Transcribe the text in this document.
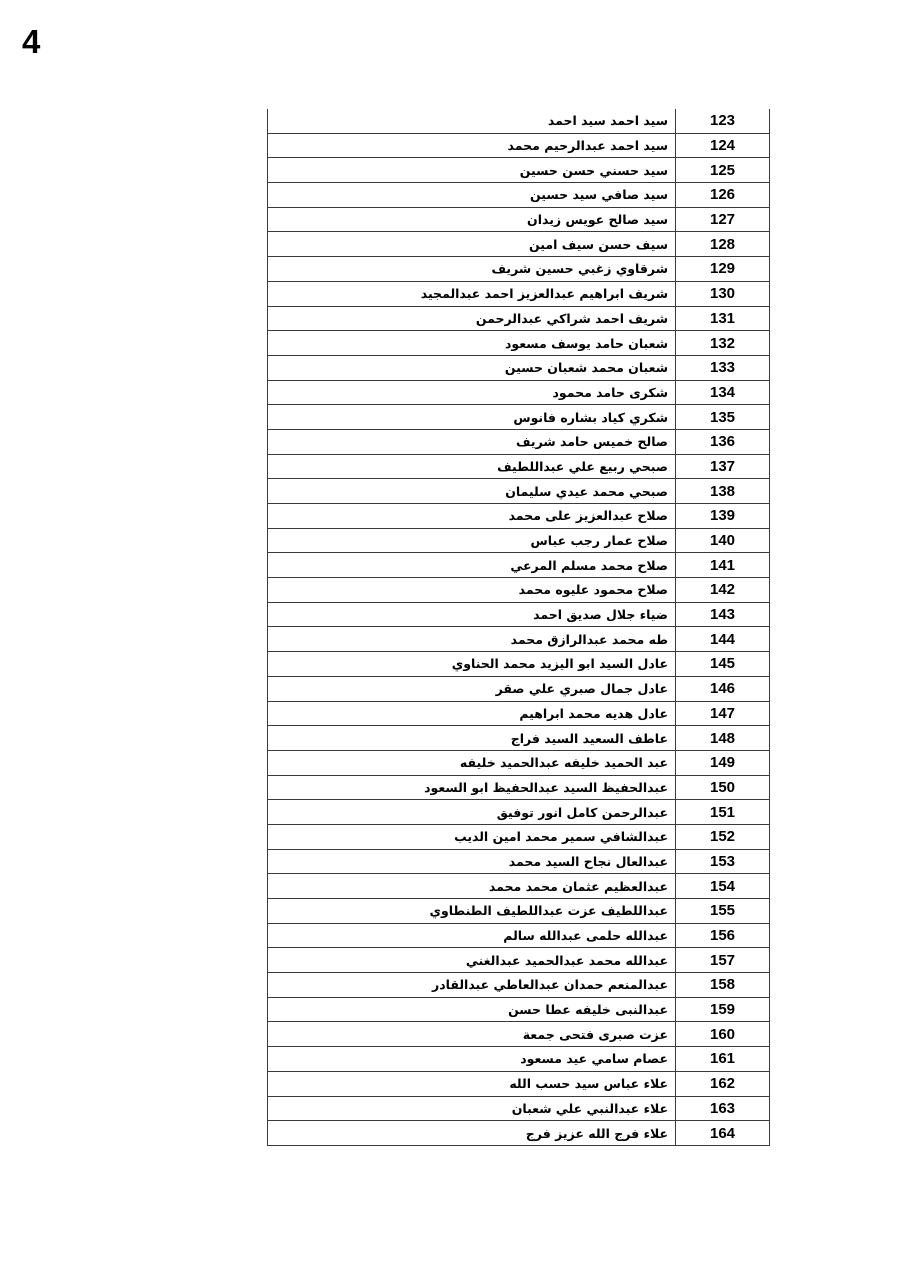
4
123	سيد احمد سيد احمد
124	سيد احمد عبدالرحيم محمد
125	سيد حسني حسن حسين
126	سيد صافي سيد حسين
127	سيد صالح عويس زيدان
128	سيف حسن سيف امين
129	شرقاوي زغبي حسين شريف
130	شريف ابراهيم عبدالعزيز احمد عبدالمجيد
131	شريف احمد شراكي عبدالرحمن
132	شعبان حامد يوسف مسعود
133	شعبان محمد شعبان حسين
134	شكرى حامد محمود
135	شكري كياد بشاره فانوس
136	صالح خميس حامد شريف
137	صبحي ربيع علي عبداللطيف
138	صبحي محمد عيدي سليمان
139	صلاح عبدالعزيز على محمد
140	صلاح عمار رجب عباس
141	صلاح محمد مسلم المرعي
142	صلاح محمود عليوه محمد
143	ضياء جلال صديق احمد
144	طه محمد عبدالرازق محمد
145	عادل السيد ابو اليزيد محمد الحناوي
146	عادل جمال صبري علي صقر
147	عادل هديه محمد ابراهيم
148	عاطف السعيد السيد فراج
149	عبد الحميد خليفه عبدالحميد خليفه
150	عبدالحفيظ السيد عبدالحفيظ ابو السعود
151	عبدالرحمن كامل انور توفيق
152	عبدالشافي سمير محمد امين الديب
153	عبدالعال نجاح السيد محمد
154	عبدالعظيم عثمان محمد محمد
155	عبداللطيف عزت عبداللطيف الطنطاوي
156	عبدالله حلمى عبدالله سالم
157	عبدالله محمد عبدالحميد عبدالغني
158	عبدالمنعم حمدان عبدالعاطي عبدالقادر
159	عبدالنبى خليفه عطا حسن
160	عزت صبرى فتحى جمعة
161	عصام سامي عيد مسعود
162	علاء عباس سيد حسب الله
163	علاء عبدالنبي علي شعبان
164	علاء فرج الله عزيز فرج
